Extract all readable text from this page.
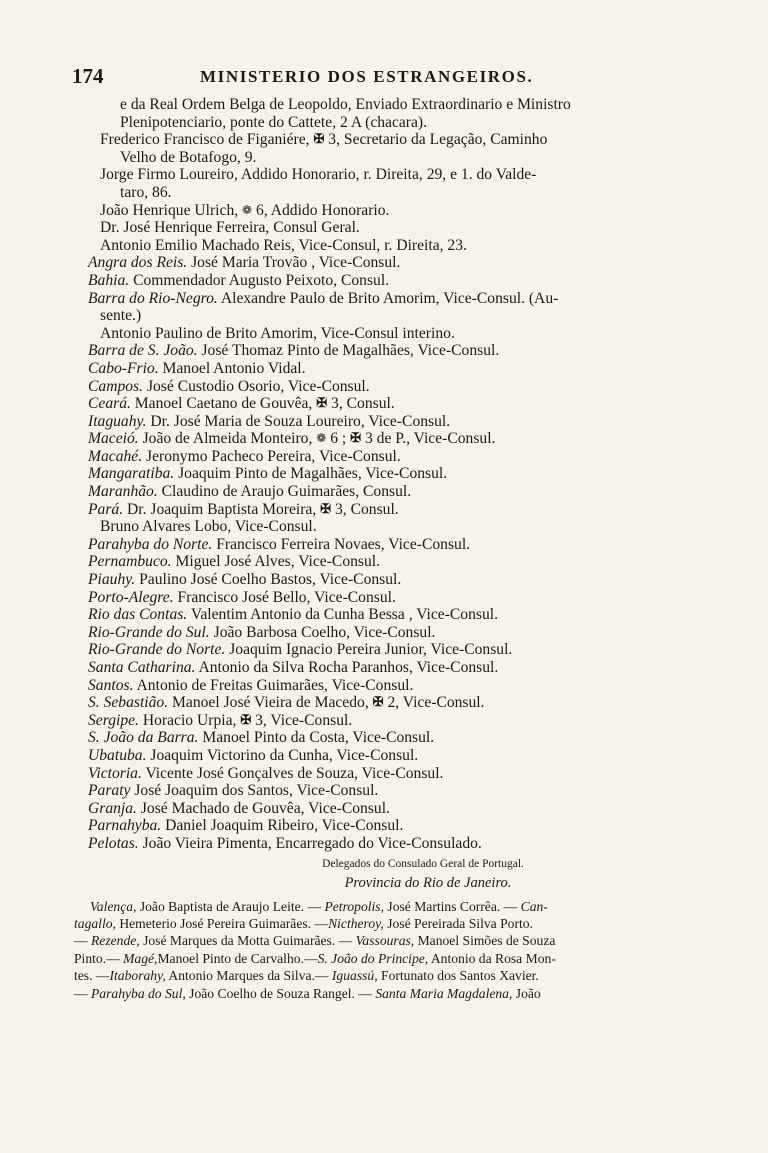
174	MINISTERIO DOS ESTRANGEIROS.
e da Real Ordem Belga de Leopoldo, Enviado Extraordinario e Ministro
Plenipotenciario, ponte do Cattete, 2 A (chacara).
Frederico Francisco de Figaniére, ✠ 3, Secretario da Legação, Caminho
Velho de Botafogo, 9.
Jorge Firmo Loureiro, Addido Honorario, r. Direita, 29, e 1. do Valde-
taro, 86.
João Henrique Ulrich, ❁ 6, Addido Honorario.
Dr. José Henrique Ferreira, Consul Geral.
Antonio Emilio Machado Reis, Vice-Consul, r. Direita, 23.
Angra dos Reis. José Maria Trovão , Vice-Consul.
Bahia. Commendador Augusto Peixoto, Consul.
Barra do Rio-Negro. Alexandre Paulo de Brito Amorim, Vice-Consul. (Au-
sente.)
Antonio Paulino de Brito Amorim, Vice-Consul interino.
Barra de S. João. José Thomaz Pinto de Magalhães, Vice-Consul.
Cabo-Frio. Manoel Antonio Vidal.
Campos. José Custodio Osorio, Vice-Consul.
Ceará. Manoel Caetano de Gouvêa, ✠ 3, Consul.
Itaguahy. Dr. José Maria de Souza Loureiro, Vice-Consul.
Maceió. João de Almeida Monteiro, ❁ 6 ; ✠ 3 de P., Vice-Consul.
Macahé. Jeronymo Pacheco Pereira, Vice-Consul.
Mangaratiba. Joaquim Pinto de Magalhães, Vice-Consul.
Maranhão. Claudino de Araujo Guimarães, Consul.
Pará. Dr. Joaquim Baptista Moreira, ✠ 3, Consul.
Bruno Alvares Lobo, Vice-Consul.
Parahyba do Norte. Francisco Ferreira Novaes, Vice-Consul.
Pernambuco. Miguel José Alves, Vice-Consul.
Piauhy. Paulino José Coelho Bastos, Vice-Consul.
Porto-Alegre. Francisco José Bello, Vice-Consul.
Rio das Contas. Valentim Antonio da Cunha Bessa , Vice-Consul.
Rio-Grande do Sul. João Barbosa Coelho, Vice-Consul.
Rio-Grande do Norte. Joaquim Ignacio Pereira Junior, Vice-Consul.
Santa Catharina. Antonio da Silva Rocha Paranhos, Vice-Consul.
Santos. Antonio de Freitas Guimarães, Vice-Consul.
S. Sebastião. Manoel José Vieira de Macedo, ✠ 2, Vice-Consul.
Sergipe. Horacio Urpia, ✠ 3, Vice-Consul.
S. João da Barra. Manoel Pinto da Costa, Vice-Consul.
Ubatuba. Joaquim Victorino da Cunha, Vice-Consul.
Victoria. Vicente José Gonçalves de Souza, Vice-Consul.
Paraty José Joaquim dos Santos, Vice-Consul.
Granja. José Machado de Gouvêa, Vice-Consul.
Parnahyba. Daniel Joaquim Ribeiro, Vice-Consul.
Pelotas. João Vieira Pimenta, Encarregado do Vice-Consulado.
Delegados do Consulado Geral de Portugal.
Provincia do Rio de Janeiro.
Valença, João Baptista de Araujo Leite. — Petropolis, José Martins Corrêa. — Can-
tagallo, Hemeterio José Pereira Guimarães. —Nictheroy, José Pereirada Silva Porto.
— Rezende, José Marques da Motta Guimarães. — Vassouras, Manoel Simões de Souza
Pinto.— Magé,Manoel Pinto de Carvalho.—S. João do Principe, Antonio da Rosa Mon-
tes. —Itaborahy, Antonio Marques da Silva.— Iguassú, Fortunato dos Santos Xavier.
— Parahyba do Sul, João Coelho de Souza Rangel. — Santa Maria Magdalena, João
